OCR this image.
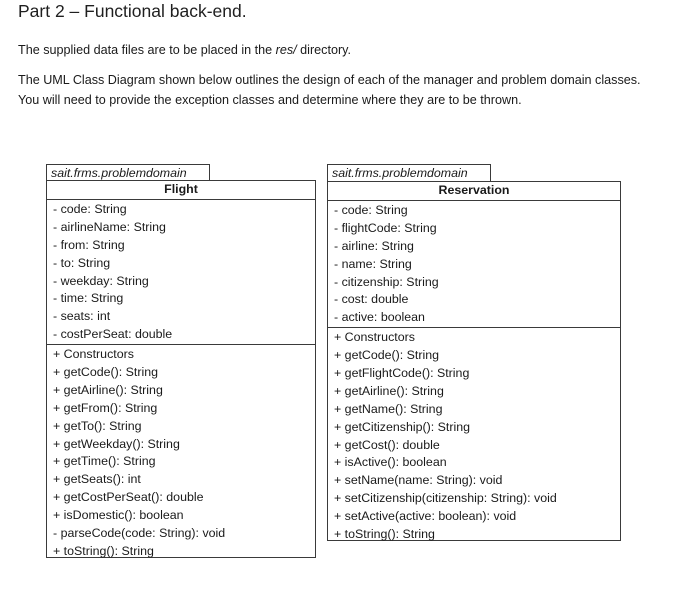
Part 2 – Functional back-end.

The supplied data files are to be placed in the res/ directory.

The UML Class Diagram shown below outlines the design of each of the manager and problem domain classes. You will need to provide the exception classes and determine where they are to be thrown.

sait.frms.problemdomain
Flight
- code: String
- airlineName: String
- from: String
- to: String
- weekday: String
- time: String
- seats: int
- costPerSeat: double
+ Constructors
+ getCode(): String
+ getAirline(): String
+ getFrom(): String
+ getTo(): String
+ getWeekday(): String
+ getTime(): String
+ getSeats(): int
+ getCostPerSeat(): double
+ isDomestic(): boolean
- parseCode(code: String): void
+ toString(): String
sait.frms.problemdomain
Reservation
- code: String
- flightCode: String
- airline: String
- name: String
- citizenship: String
- cost: double
- active: boolean
+ Constructors
+ getCode(): String
+ getFlightCode(): String
+ getAirline(): String
+ getName(): String
+ getCitizenship(): String
+ getCost(): double
+ isActive(): boolean
+ setName(name: String): void
+ setCitizenship(citizenship: String): void
+ setActive(active: boolean): void
+ toString(): String
